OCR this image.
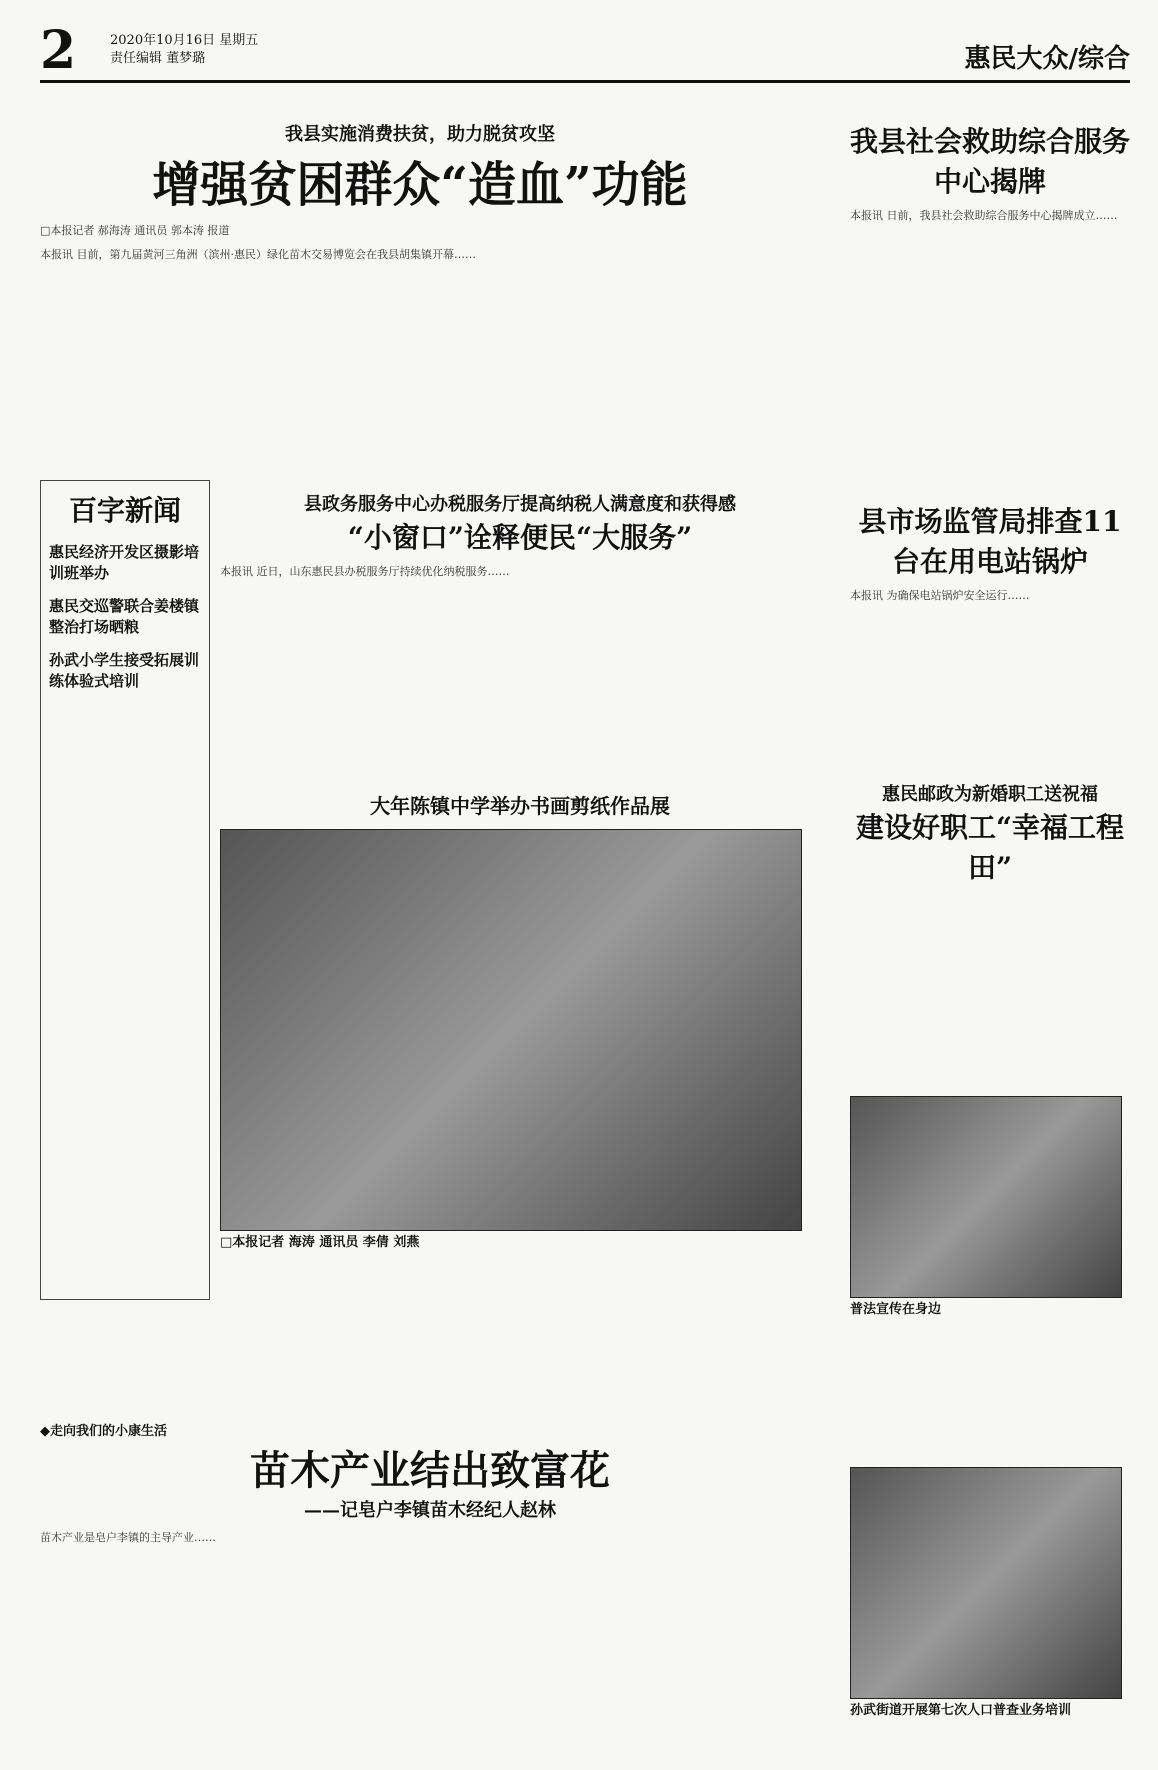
2	2020年10月16日 星期五
责任编辑 董梦璐	惠民大众/综合
我县实施消费扶贫，助力脱贫攻坚
增强贫困群众“造血”功能
□本报记者 郝海涛 通讯员 郭本涛 报道
本报讯 目前，第九届黄河三角洲（滨州·惠民）绿化苗木交易博览会在我县胡集镇开幕……
我县社会救助综合服务中心揭牌
本报讯 日前，我县社会救助综合服务中心揭牌成立……
百字新闻
惠民经济开发区摄影培训班举办
惠民交巡警联合姜楼镇整治打场晒粮
孙武小学生接受拓展训练体验式培训
县政务服务中心办税服务厅提高纳税人满意度和获得感
“小窗口”诠释便民“大服务”
本报讯 近日，山东惠民县办税服务厅持续优化纳税服务……
县市场监管局排查11台在用电站锅炉
本报讯 为确保电站锅炉安全运行……
大年陈镇中学举办书画剪纸作品展
□本报记者 海涛 通讯员 李倩 刘燕
惠民邮政为新婚职工送祝福
建设好职工“幸福工程田”
普法宣传在身边
孙武街道开展第七次人口普查业务培训
◆走向我们的小康生活
苗木产业结出致富花
——记皂户李镇苗木经纪人赵林
苗木产业是皂户李镇的主导产业……
